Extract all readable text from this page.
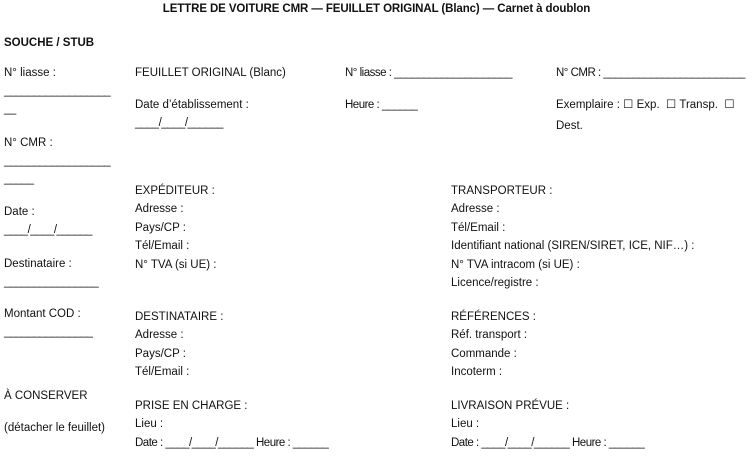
LETTRE DE VOITURE CMR — FEUILLET ORIGINAL (Blanc) — Carnet à doublon
SOUCHE / STUB
N° liasse :
__________________
__
N° CMR :
__________________
_____
Date :
____/____/______
Destinataire :
________________
Montant COD :
_______________
À CONSERVER
(détacher le feuillet)
FEUILLET ORIGINAL (Blanc)	N° liasse : ____________________	N° CMR : ________________________
Date d’établissement :
____/____/______
Heure : ______	Exemplaire : ☐ Exp. ☐ Transp. ☐
Dest.
EXPÉDITEUR :
Adresse :
Pays/CP :
Tél/Email :
N° TVA (si UE) :
TRANSPORTEUR :
Adresse :
Tél/Email :
Identifiant national (SIREN/SIRET, ICE, NIF…) :
N° TVA intracom (si UE) :
Licence/registre :
DESTINATAIRE :
Adresse :
Pays/CP :
Tél/Email :
RÉFÉRENCES :
Réf. transport :
Commande :
Incoterm :
PRISE EN CHARGE :
Lieu :
Date : ____/____/______ Heure : ______
LIVRAISON PRÉVUE :
Lieu :
Date : ____/____/______ Heure : ______
